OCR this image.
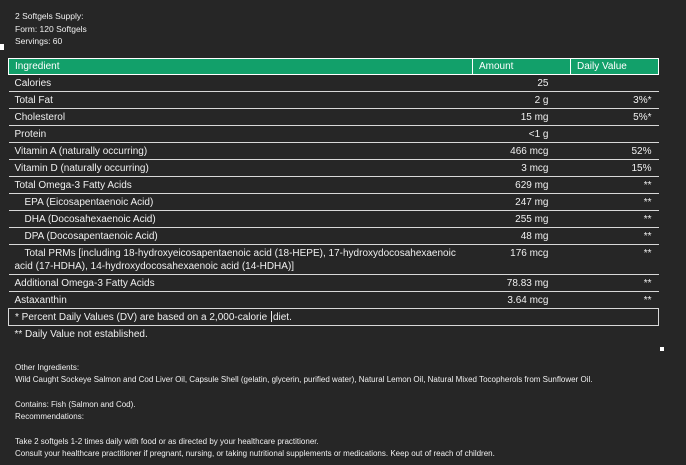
2 Softgels Supply:
Form: 120 Softgels
Servings: 60
Ingredient	Amount	Daily Value
Calories	25	
Total Fat	2 g	3%*
Cholesterol	15 mg	5%*
Protein	<1 g	
Vitamin A (naturally occurring)	466 mcg	52%
Vitamin D (naturally occurring)	3 mcg	15%
Total Omega-3 Fatty Acids	629 mg	**
EPA (Eicosapentaenoic Acid)	247 mg	**
DHA (Docosahexaenoic Acid)	255 mg	**
DPA (Docosapentaenoic Acid)	48 mg	**
Total PRMs [including 18-hydroxyeicosapentaenoic acid (18-HEPE), 17-hydroxydocosahexaenoic acid (17-HDHA), 14-hydroxydocosahexaenoic acid (14-HDHA)]	176 mcg	**
Additional Omega-3 Fatty Acids	78.83 mg	**
Astaxanthin	3.64 mcg	**
* Percent Daily Values (DV) are based on a 2,000-calorie diet.		
** Daily Value not established.		
Other Ingredients:
Wild Caught Sockeye Salmon and Cod Liver Oil, Capsule Shell (gelatin, glycerin, purified water), Natural Lemon Oil, Natural Mixed Tocopherols from Sunflower Oil.
Contains: Fish (Salmon and Cod).
Recommendations:
Take 2 softgels 1-2 times daily with food or as directed by your healthcare practitioner.
Consult your healthcare practitioner if pregnant, nursing, or taking nutritional supplements or medications. Keep out of reach of children.
